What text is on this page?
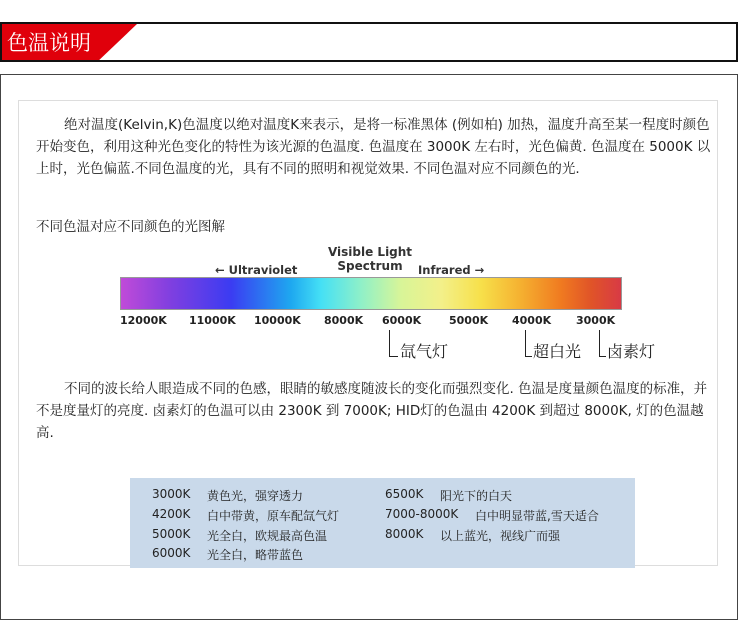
色温说明

绝对温度(Kelvin,K)色温度以绝对温度K来表示，是将一标准黑体 (例如柏) 加热，温度升高至某一程度时颜色开始变色，利用这种光色变化的特性为该光源的色温度. 色温度在 3000K 左右时，光色偏黄. 色温度在 5000K 以上时，光色偏蓝.不同色温度的光，具有不同的照明和视觉效果. 不同色温对应不同颜色的光.

不同色温对应不同颜色的光图解
Visible Light Spectrum
← Ultraviolet	Infrared →
12000K 11000K 10000K 8000K 6000K	5000K 4000K 3000K
氙气灯	超白光 卤素灯

不同的波长给人眼造成不同的色感，眼睛的敏感度随波长的变化而强烈变化. 色温是度量颜色温度的标准，并不是度量灯的亮度. 卤素灯的色温可以由 2300K 到 7000K; HID灯的色温由 4200K 到超过 8000K, 灯的色温越高.

3000K 黄色光，强穿透力
4200K 白中带黄，原车配氙气灯
5000K 光全白，欧规最高色温
6000K 光全白，略带蓝色
6500K 阳光下的白天
7000-8000K 白中明显带蓝,雪天适合
8000K 以上蓝光，视线广而强
